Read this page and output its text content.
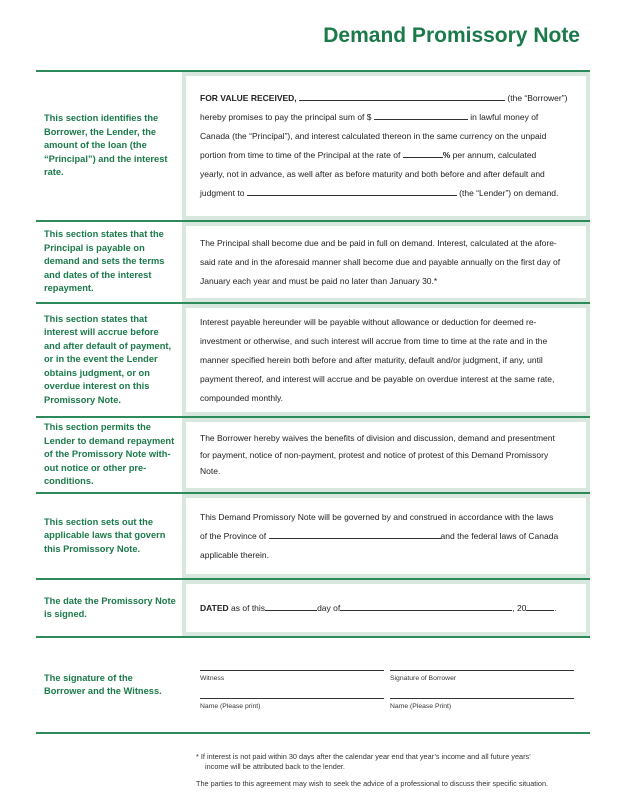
Demand Promissory Note
This section identifies the Borrower, the Lender, the amount of the loan (the “Principal”) and the interest rate.
FOR VALUE RECEIVED,	(the “Borrower”)
hereby promises to pay the principal sum of $	in lawful money of
Canada (the “Principal”), and interest calculated thereon in the same currency on the unpaid
portion from time to time of the Principal at the rate of	% per annum, calculated
yearly, not in advance, as well after as before maturity and both before and after default and
judgment to	(the “Lender”) on demand.
This section states that the Principal is payable on demand and sets the terms and dates of the interest repayment.
The Principal shall become due and be paid in full on demand. Interest, calculated at the afore-
said rate and in the aforesaid manner shall become due and payable annually on the first day of
January each year and must be paid no later than January 30.*
This section states that interest will accrue before and after default of payment, or in the event the Lender obtains judgment, or on overdue interest on this Promissory Note.
Interest payable hereunder will be payable without allowance or deduction for deemed re-
investment or otherwise, and such interest will accrue from time to time at the rate and in the
manner specified herein both before and after maturity, default and/or judgment, if any, until
payment thereof, and interest will accrue and be payable on overdue interest at the same rate,
compounded monthly.
This section permits the Lender to demand repayment of the Promissory Note with-out notice or other pre-conditions.
The Borrower hereby waives the benefits of division and discussion, demand and presentment
for payment, notice of non-payment, protest and notice of protest of this Demand Promissory
Note.
This section sets out the applicable laws that govern this Promissory Note.
This Demand Promissory Note will be governed by and construed in accordance with the laws
of the Province of	and the federal laws of Canada
applicable therein.
The date the Promissory Note is signed.
DATED as of this	day of	, 20	.
The signature of the Borrower and the Witness.
Witness	Signature of Borrower
Name (Please print)	Name (Please Print)
* If interest is not paid within 30 days after the calendar year end that year’s income and all future years’
income will be attributed back to the lender.
The parties to this agreement may wish to seek the advice of a professional to discuss their specific situation.
